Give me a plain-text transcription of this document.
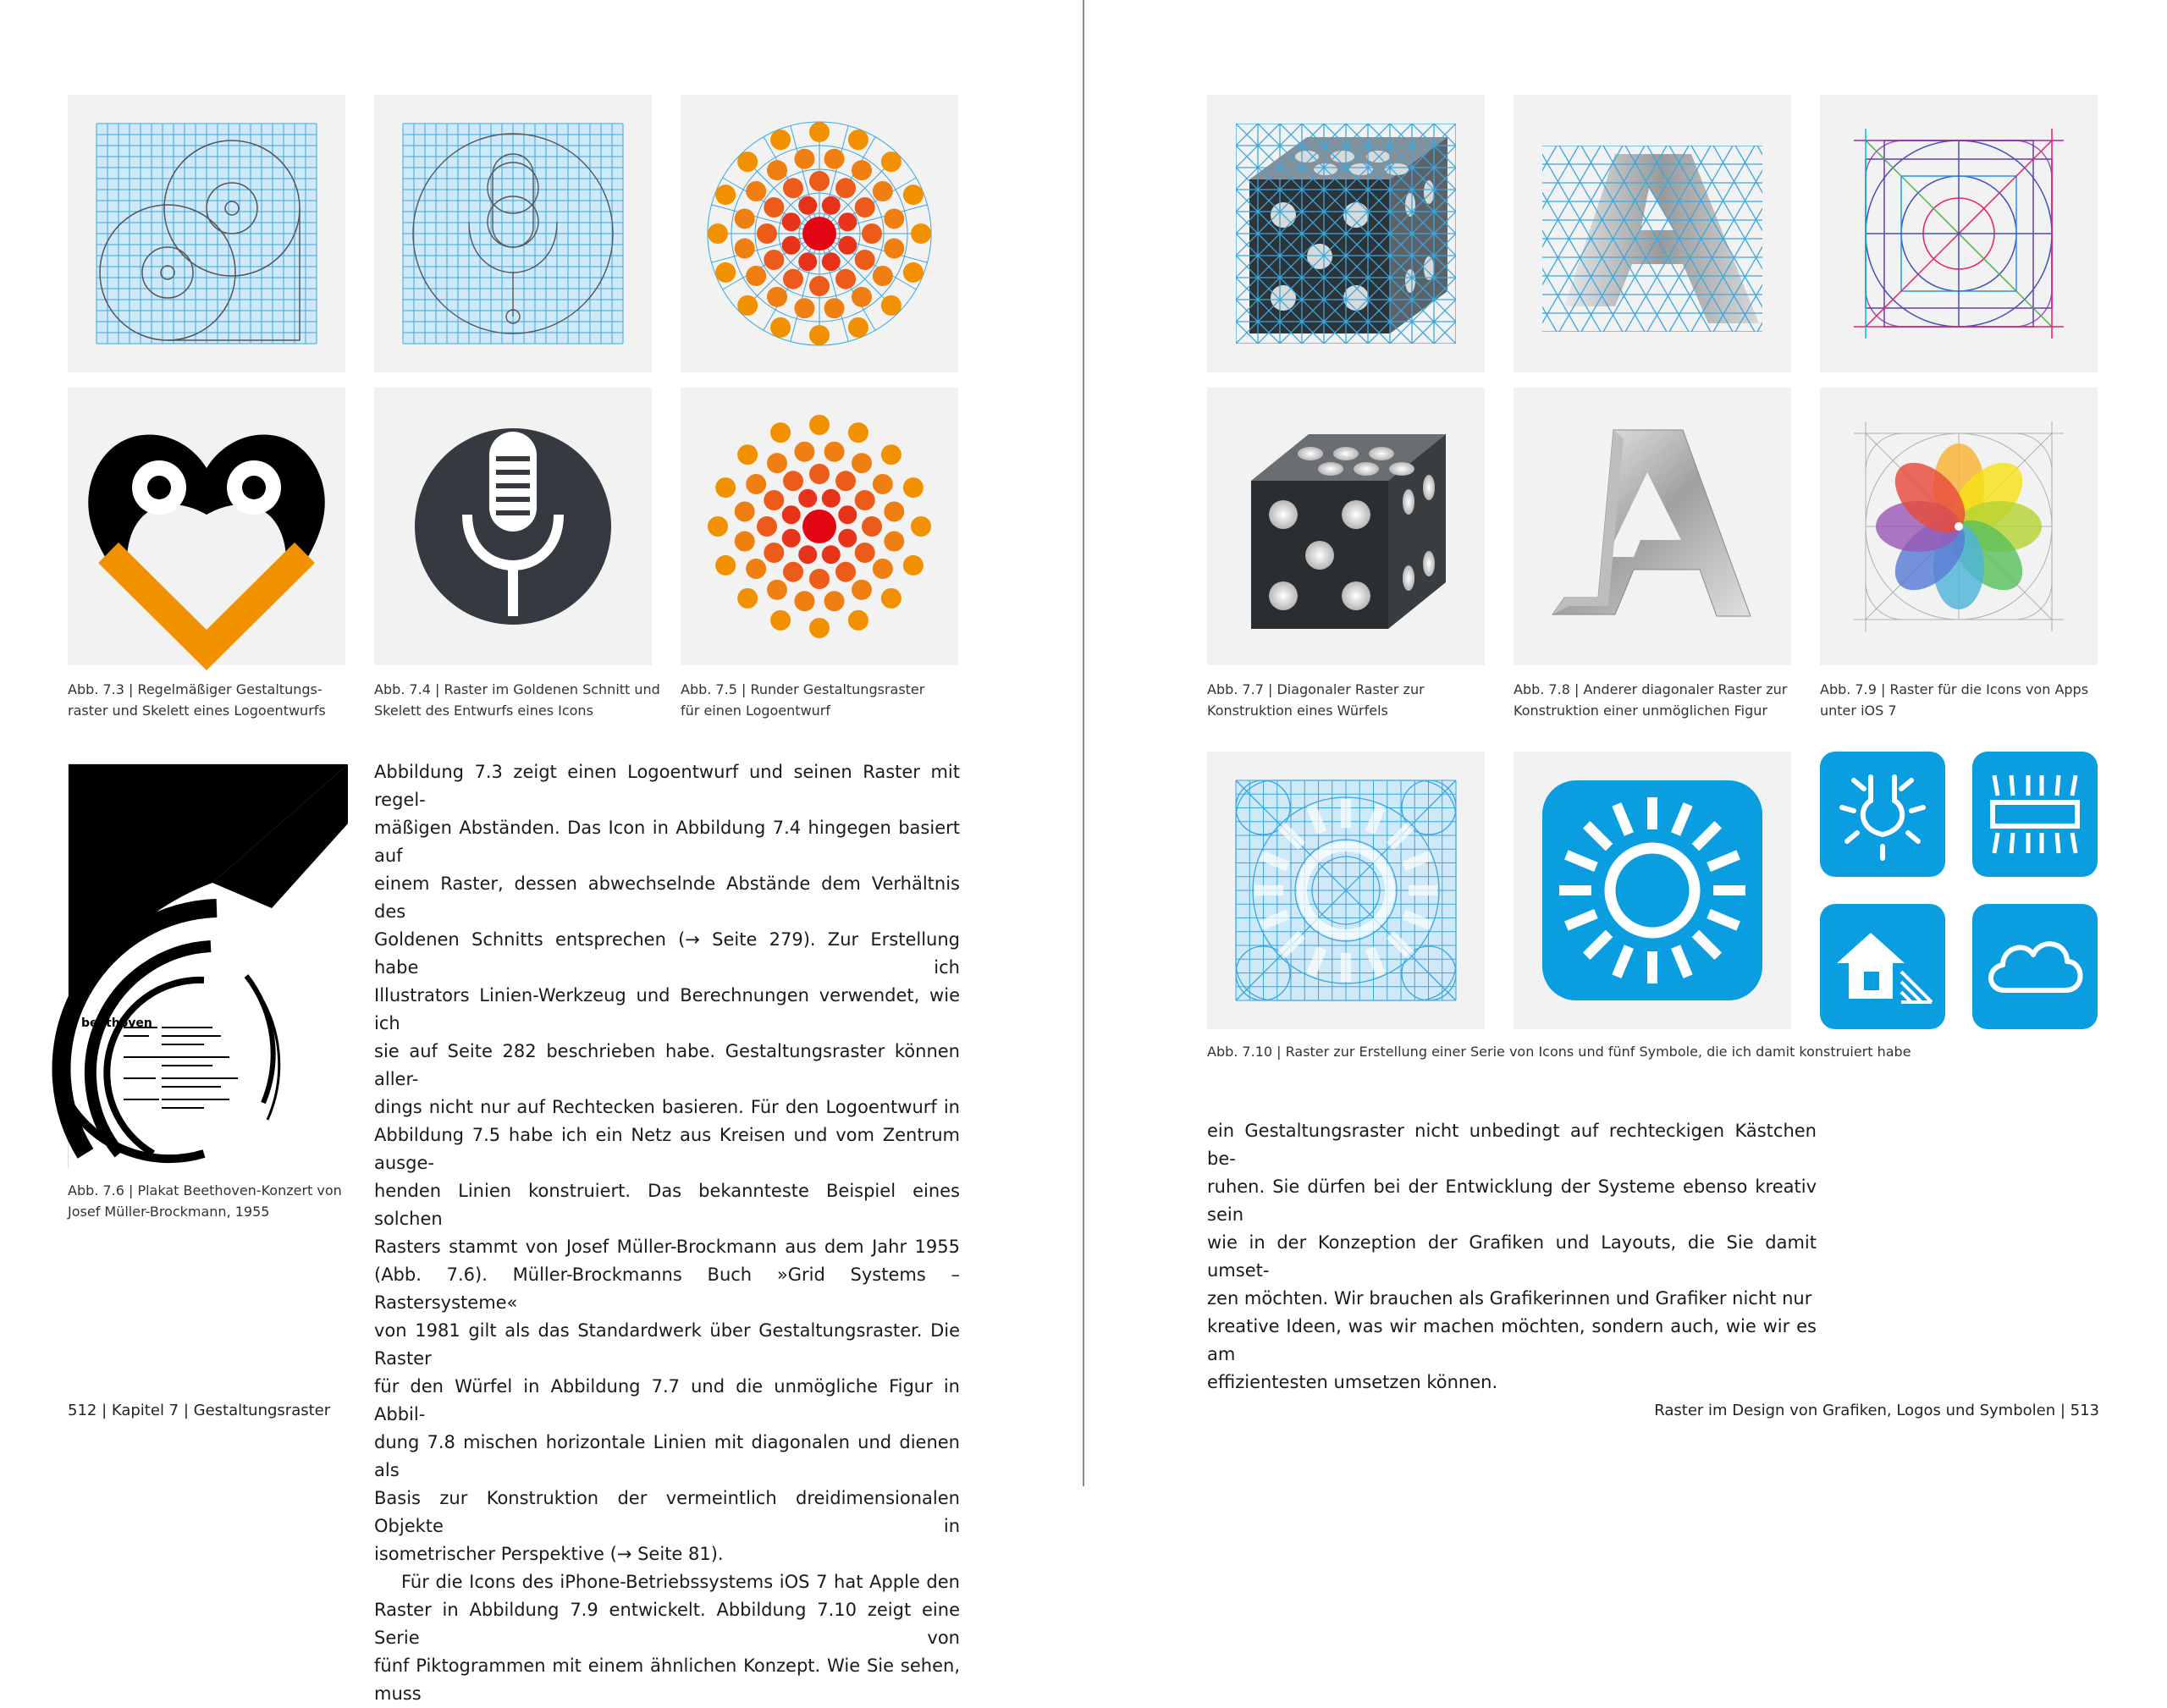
Abb. 7.3 | Regelmäßiger Gestaltungs-
raster und Skelett eines Logoentwurfs
Abb. 7.4 | Raster im Goldenen Schnitt und
Skelett des Entwurfs eines Icons
Abb. 7.5 | Runder Gestaltungsraster
für einen Logoentwurf
beethoven
Abb. 7.6 | Plakat Beethoven-Konzert von
Josef Müller-Brockmann, 1955

Abbildung 7.3 zeigt einen Logoentwurf und seinen Raster mit regel-

mäßigen Abständen. Das Icon in Abbildung 7.4 hingegen basiert auf

einem Raster, dessen abwechselnde Abstände dem Verhältnis des

Goldenen Schnitts entsprechen (→ Seite 279). Zur Erstellung habe ich

Illustrators Linien-Werkzeug und Berechnungen verwendet, wie ich

sie auf Seite 282 beschrieben habe. Gestaltungsraster können aller-

dings nicht nur auf Rechtecken basieren. Für den Logoentwurf in

Abbildung 7.5 habe ich ein Netz aus Kreisen und vom Zentrum ausge-

henden Linien konstruiert. Das bekannteste Beispiel eines solchen

Rasters stammt von Josef Müller-Brockmann aus dem Jahr 1955

(Abb. 7.6). Müller-Brockmanns Buch »Grid Systems – Rastersysteme«

von 1981 gilt als das Standardwerk über Gestaltungsraster. Die Raster

für den Würfel in Abbildung 7.7 und die unmögliche Figur in Abbil-

dung 7.8 mischen horizontale Linien mit diagonalen und dienen als

Basis zur Konstruktion der vermeintlich dreidimensionalen Objekte in

isometrischer Perspektive (→ Seite 81).

Für die Icons des iPhone-Betriebssystems iOS 7 hat Apple den

Raster in Abbildung 7.9 entwickelt. Abbildung 7.10 zeigt eine Serie von

fünf Piktogrammen mit einem ähnlichen Konzept. Wie Sie sehen, muss

512 | Kapitel 7 | Gestaltungsraster
Abb. 7.7 | Diagonaler Raster zur
Konstruktion eines Würfels
Abb. 7.8 | Anderer diagonaler Raster zur
Konstruktion einer unmöglichen Figur
Abb. 7.9 | Raster für die Icons von Apps
unter iOS 7
Abb. 7.10 | Raster zur Erstellung einer Serie von Icons und fünf Symbole, die ich damit konstruiert habe

ein Gestaltungsraster nicht unbedingt auf rechteckigen Kästchen be-

ruhen. Sie dürfen bei der Entwicklung der Systeme ebenso kreativ sein

wie in der Konzeption der Grafiken und Layouts, die Sie damit umset-

zen möchten. Wir brauchen als Grafikerinnen und Grafiker nicht nur

kreative Ideen, was wir machen möchten, sondern auch, wie wir es am

effizientesten umsetzen können.

Raster im Design von Grafiken, Logos und Symbolen | 513
